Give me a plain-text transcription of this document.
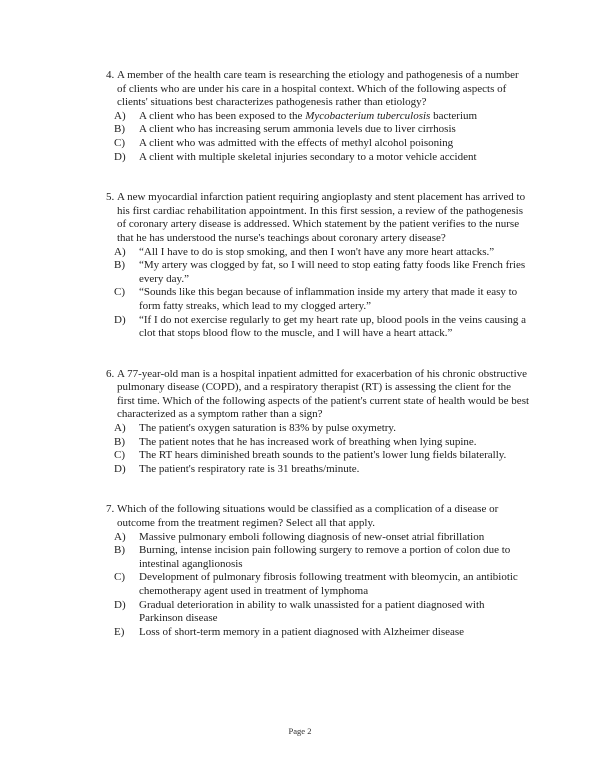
4. A member of the health care team is researching the etiology and pathogenesis of a number of clients who are under his care in a hospital context. Which of the following aspects of clients' situations best characterizes pathogenesis rather than etiology?
A)	A client who has been exposed to the Mycobacterium tuberculosis bacterium
B)	A client who has increasing serum ammonia levels due to liver cirrhosis
C)	A client who was admitted with the effects of methyl alcohol poisoning
D)	A client with multiple skeletal injuries secondary to a motor vehicle accident
5. A new myocardial infarction patient requiring angioplasty and stent placement has arrived to his first cardiac rehabilitation appointment. In this first session, a review of the pathogenesis of coronary artery disease is addressed. Which statement by the patient verifies to the nurse that he has understood the nurse's teachings about coronary artery disease?
A)	“All I have to do is stop smoking, and then I won't have any more heart attacks.”
B)	“My artery was clogged by fat, so I will need to stop eating fatty foods like French fries every day.”
C)	“Sounds like this began because of inflammation inside my artery that made it easy to form fatty streaks, which lead to my clogged artery.”
D)	“If I do not exercise regularly to get my heart rate up, blood pools in the veins causing a clot that stops blood flow to the muscle, and I will have a heart attack.”
6. A 77-year-old man is a hospital inpatient admitted for exacerbation of his chronic obstructive pulmonary disease (COPD), and a respiratory therapist (RT) is assessing the client for the first time. Which of the following aspects of the patient's current state of health would be best characterized as a symptom rather than a sign?
A)	The patient's oxygen saturation is 83% by pulse oxymetry.
B)	The patient notes that he has increased work of breathing when lying supine.
C)	The RT hears diminished breath sounds to the patient's lower lung fields bilaterally.
D)	The patient's respiratory rate is 31 breaths/minute.
7. Which of the following situations would be classified as a complication of a disease or outcome from the treatment regimen? Select all that apply.
A)	Massive pulmonary emboli following diagnosis of new-onset atrial fibrillation
B)	Burning, intense incision pain following surgery to remove a portion of colon due to intestinal aganglionosis
C)	Development of pulmonary fibrosis following treatment with bleomycin, an antibiotic chemotherapy agent used in treatment of lymphoma
D)	Gradual deterioration in ability to walk unassisted for a patient diagnosed with Parkinson disease
E)	Loss of short-term memory in a patient diagnosed with Alzheimer disease
Page 2
